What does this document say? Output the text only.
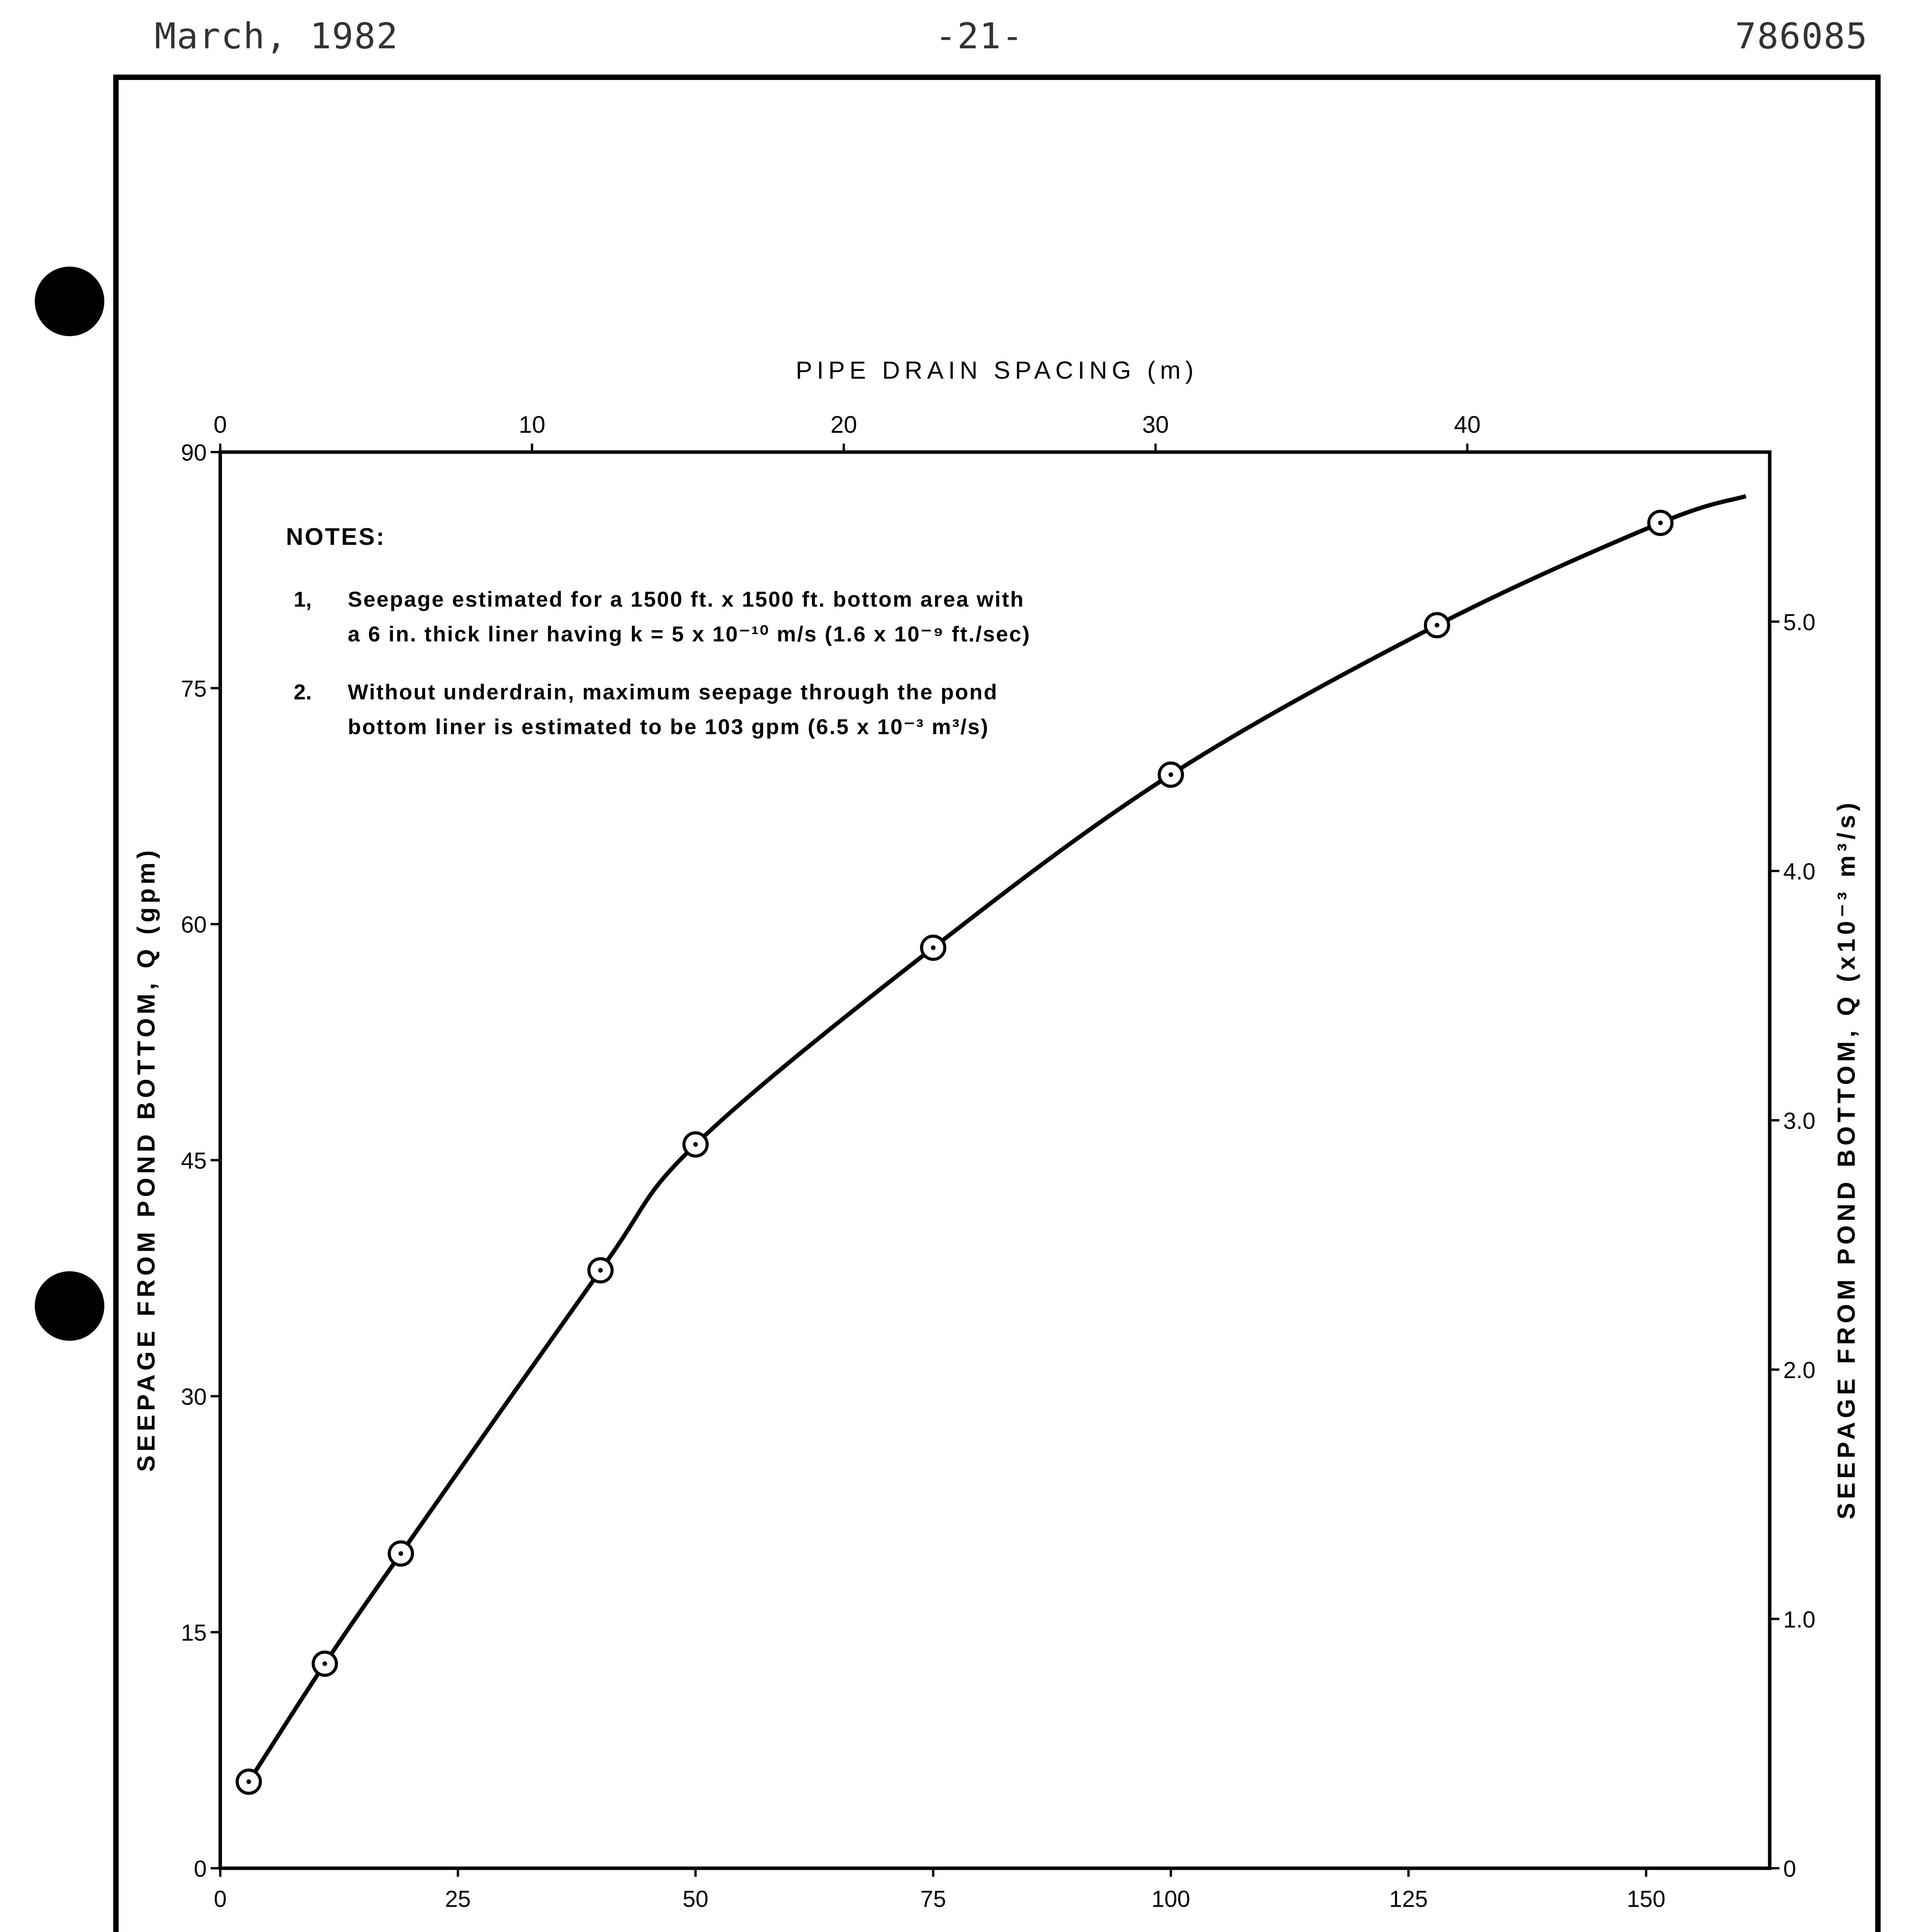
March, 1982	-21-	786085
0	25	50	75	100	125	150
0	10	20	30	40
0
15
30
45
60
75
90
0
1.0
2.0
3.0
4.0
5.0
PIPE DRAIN SPACING (m)
SEEPAGE FROM POND BOTTOM, Q (gpm)	SEEPAGE FROM POND BOTTOM, Q (x10⁻³ m³/s)
NOTES:
1, Seepage estimated for a 1500 ft. x 1500 ft. bottom area with
a 6 in. thick liner having k = 5 x 10⁻¹⁰ m/s (1.6 x 10⁻⁹ ft./sec)
2. Without underdrain, maximum seepage through the pond
bottom liner is estimated to be 103 gpm (6.5 x 10⁻³ m³/s)
